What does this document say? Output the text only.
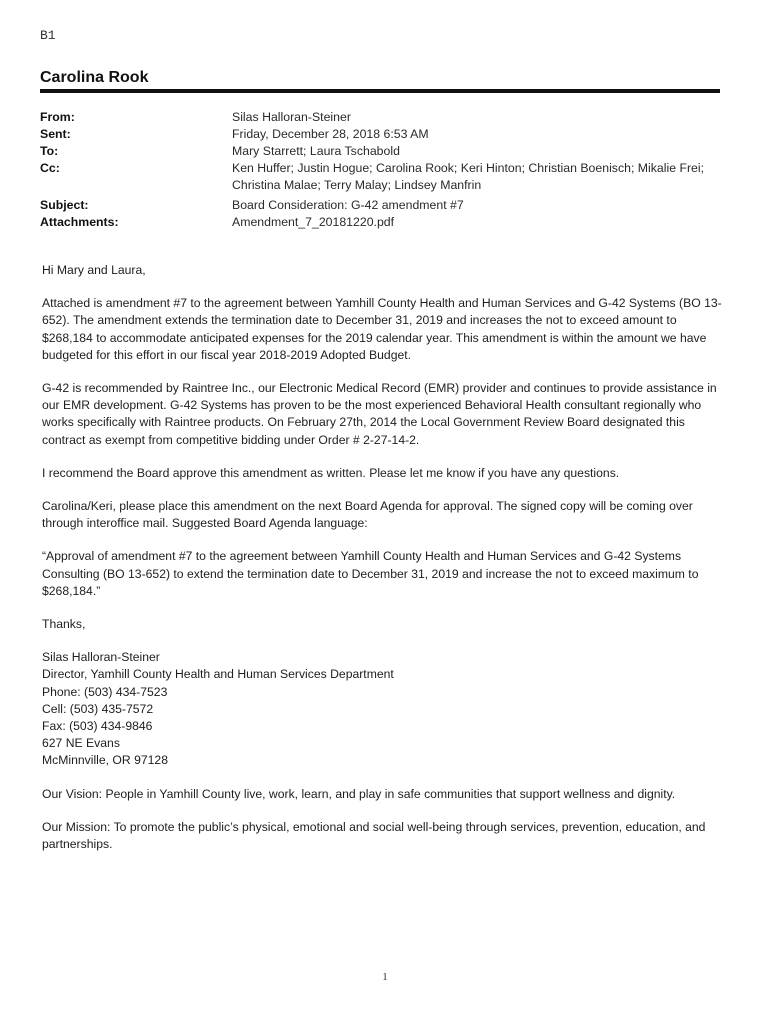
B1
Carolina Rook
From:	Silas Halloran-Steiner
Sent:	Friday, December 28, 2018 6:53 AM
To:	Mary Starrett; Laura Tschabold
Cc:	Ken Huffer; Justin Hogue; Carolina Rook; Keri Hinton; Christian Boenisch; Mikalie Frei;
Christina Malae; Terry Malay; Lindsey Manfrin
Subject:	Board Consideration: G-42 amendment #7
Attachments:	Amendment_7_20181220.pdf

Hi Mary and Laura,

Attached is amendment #7 to the agreement between Yamhill County Health and Human Services and G-42 Systems (BO 13-652). The amendment extends the termination date to December 31, 2019 and increases the not to exceed amount to $268,184 to accommodate anticipated expenses for the 2019 calendar year. This amendment is within the amount we have budgeted for this effort in our fiscal year 2018-2019 Adopted Budget.

G-42 is recommended by Raintree Inc., our Electronic Medical Record (EMR) provider and continues to provide assistance in our EMR development. G-42 Systems has proven to be the most experienced Behavioral Health consultant regionally who works specifically with Raintree products. On February 27th, 2014 the Local Government Review Board designated this contract as exempt from competitive bidding under Order # 2-27-14-2.

I recommend the Board approve this amendment as written. Please let me know if you have any questions.

Carolina/Keri, please place this amendment on the next Board Agenda for approval. The signed copy will be coming over through interoffice mail. Suggested Board Agenda language:

“Approval of amendment #7 to the agreement between Yamhill County Health and Human Services and G-42 Systems Consulting (BO 13-652) to extend the termination date to December 31, 2019 and increase the not to exceed maximum to $268,184.”

Thanks,

Silas Halloran-Steiner
Director, Yamhill County Health and Human Services Department
Phone: (503) 434-7523
Cell: (503) 435-7572
Fax: (503) 434-9846
627 NE Evans
McMinnville, OR 97128

Our Vision: People in Yamhill County live, work, learn, and play in safe communities that support wellness and dignity.

Our Mission: To promote the public’s physical, emotional and social well-being through services, prevention, education, and partnerships.

1
